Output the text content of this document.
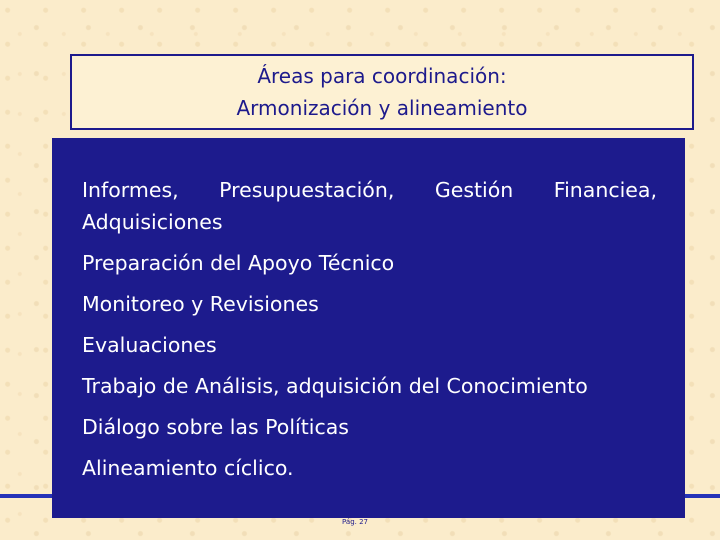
Áreas para coordinación:
Armonización y alineamiento
Informes, Presupuestación, Gestión Financiea, Adquisiciones
Preparación del Apoyo Técnico
Monitoreo y Revisiones
Evaluaciones
Trabajo de Análisis, adquisición del Conocimiento
Diálogo sobre las Políticas
Alineamiento cíclico.
Pág. 27
